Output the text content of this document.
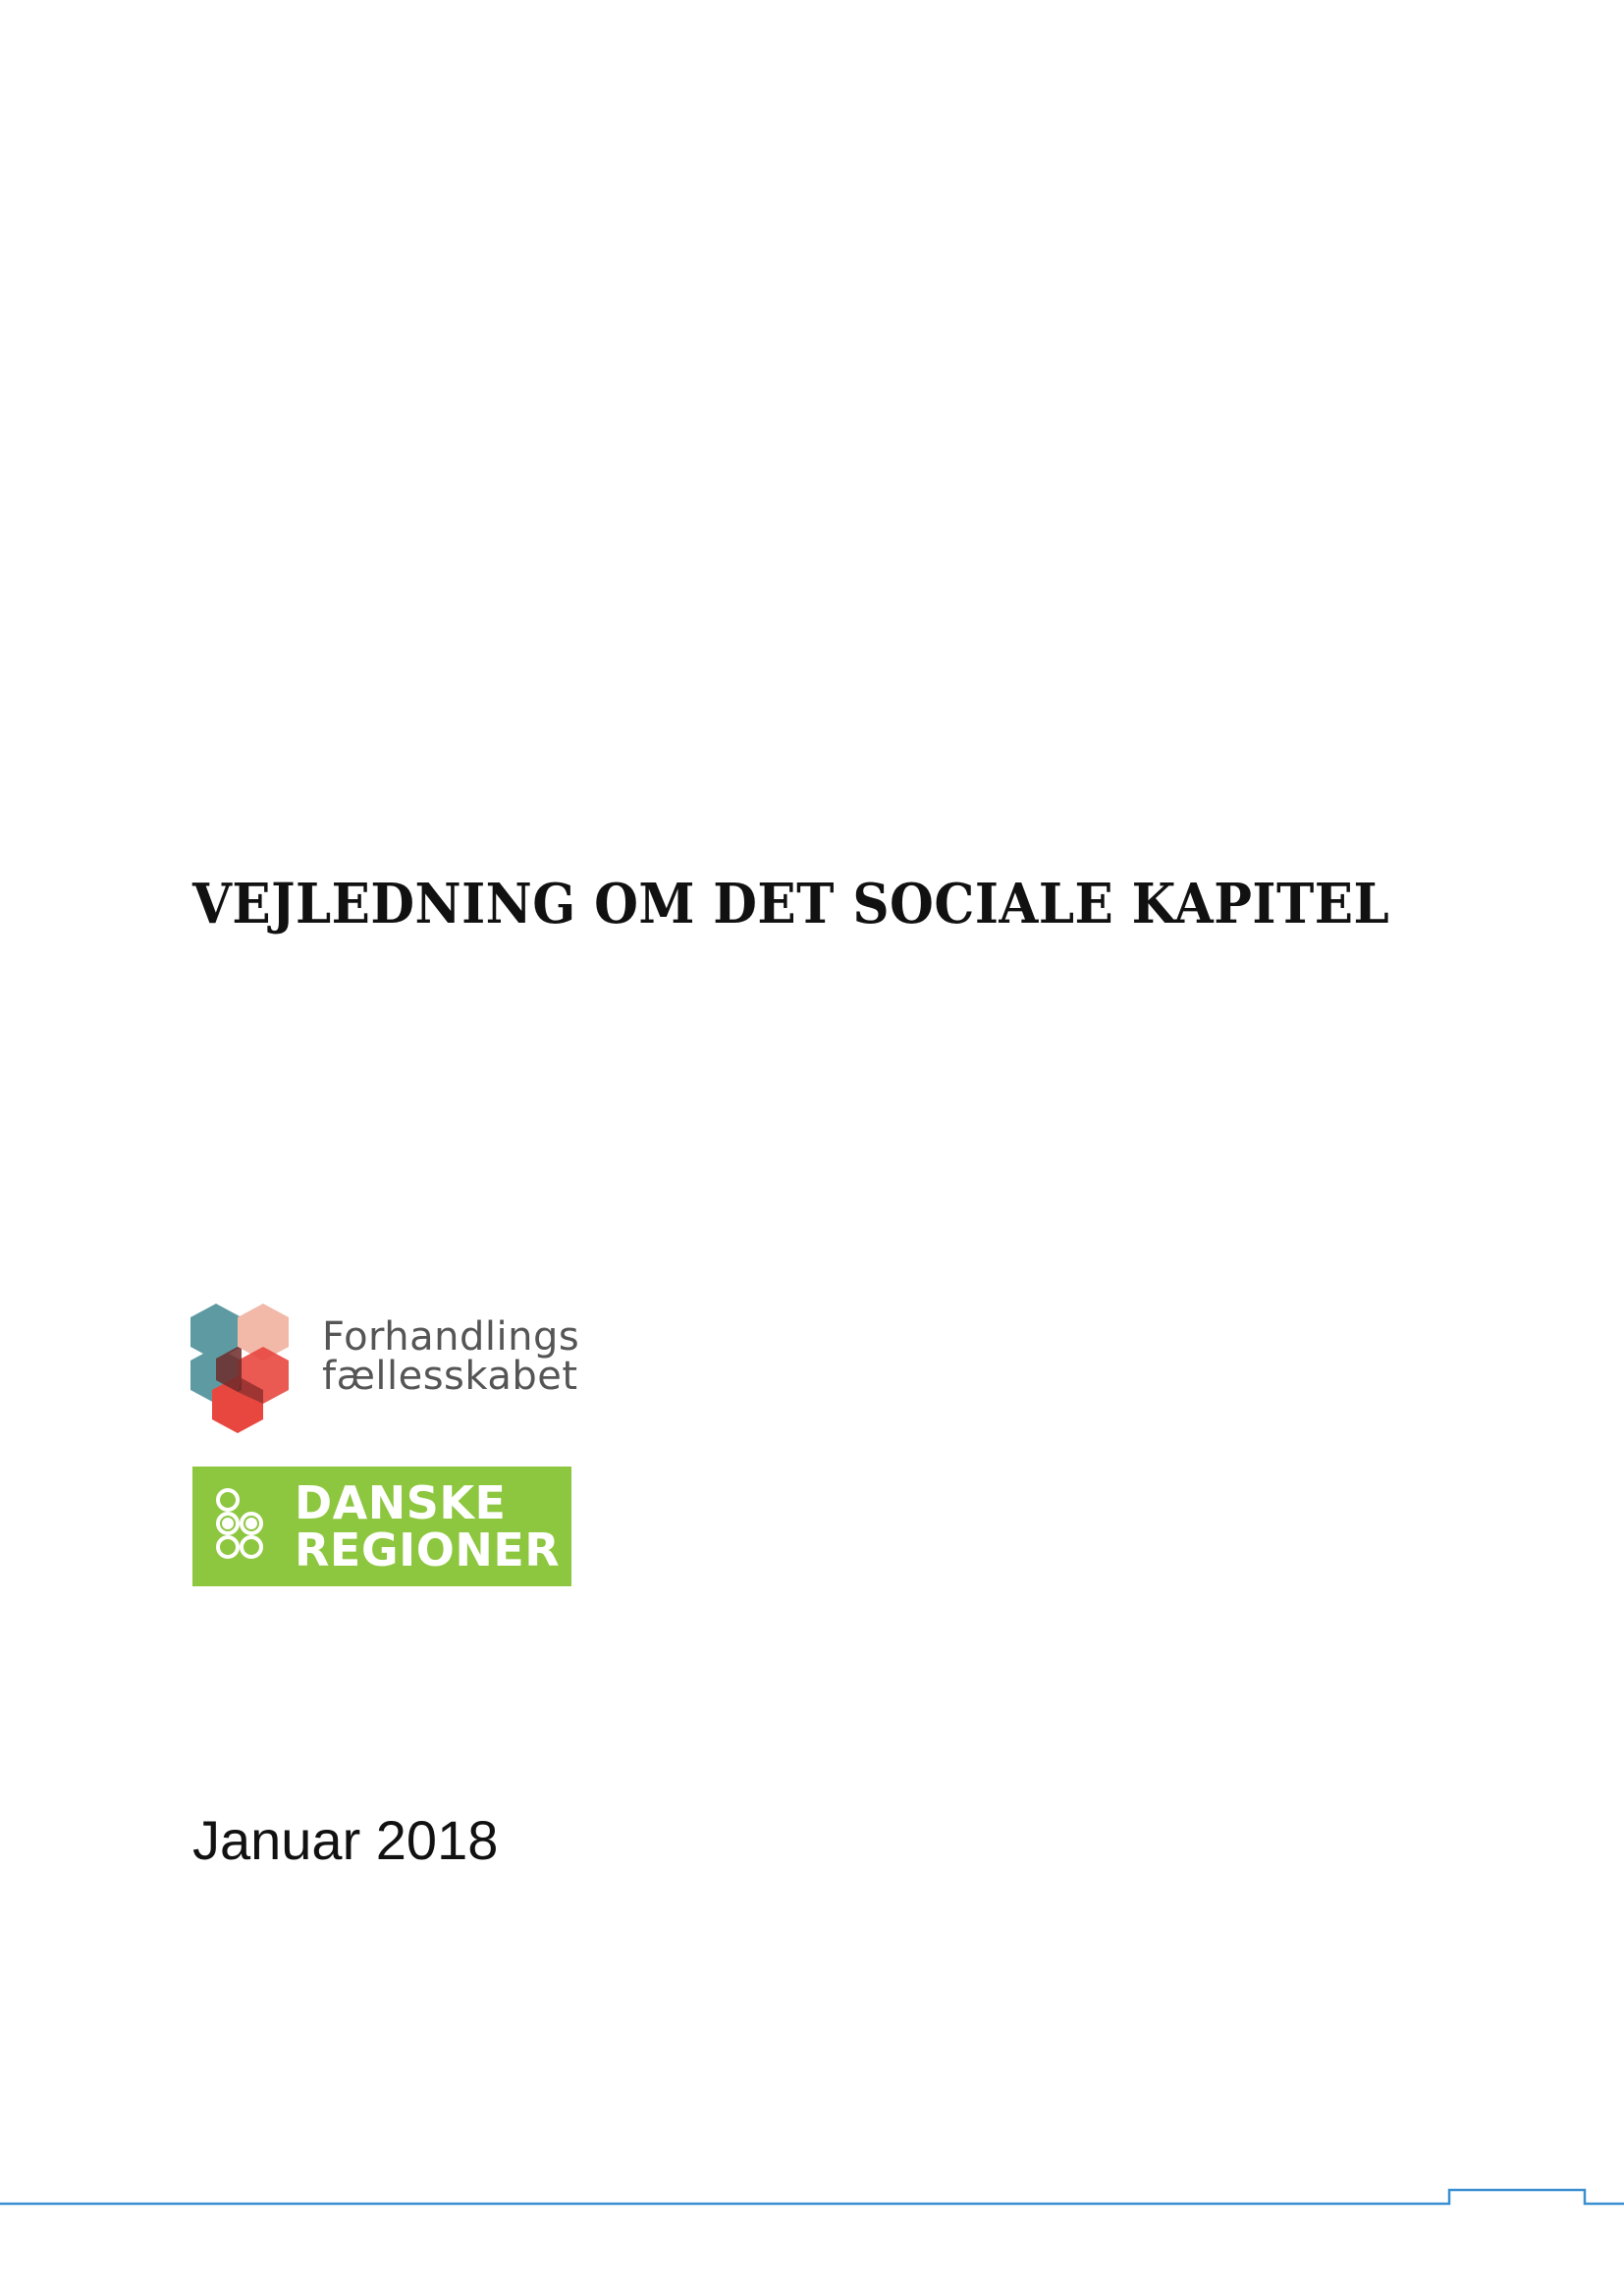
VEJLEDNING OM DET SOCIALE KAPITEL
Forhandlings
fællesskabet
DANSKE
REGIONER

Januar 2018
